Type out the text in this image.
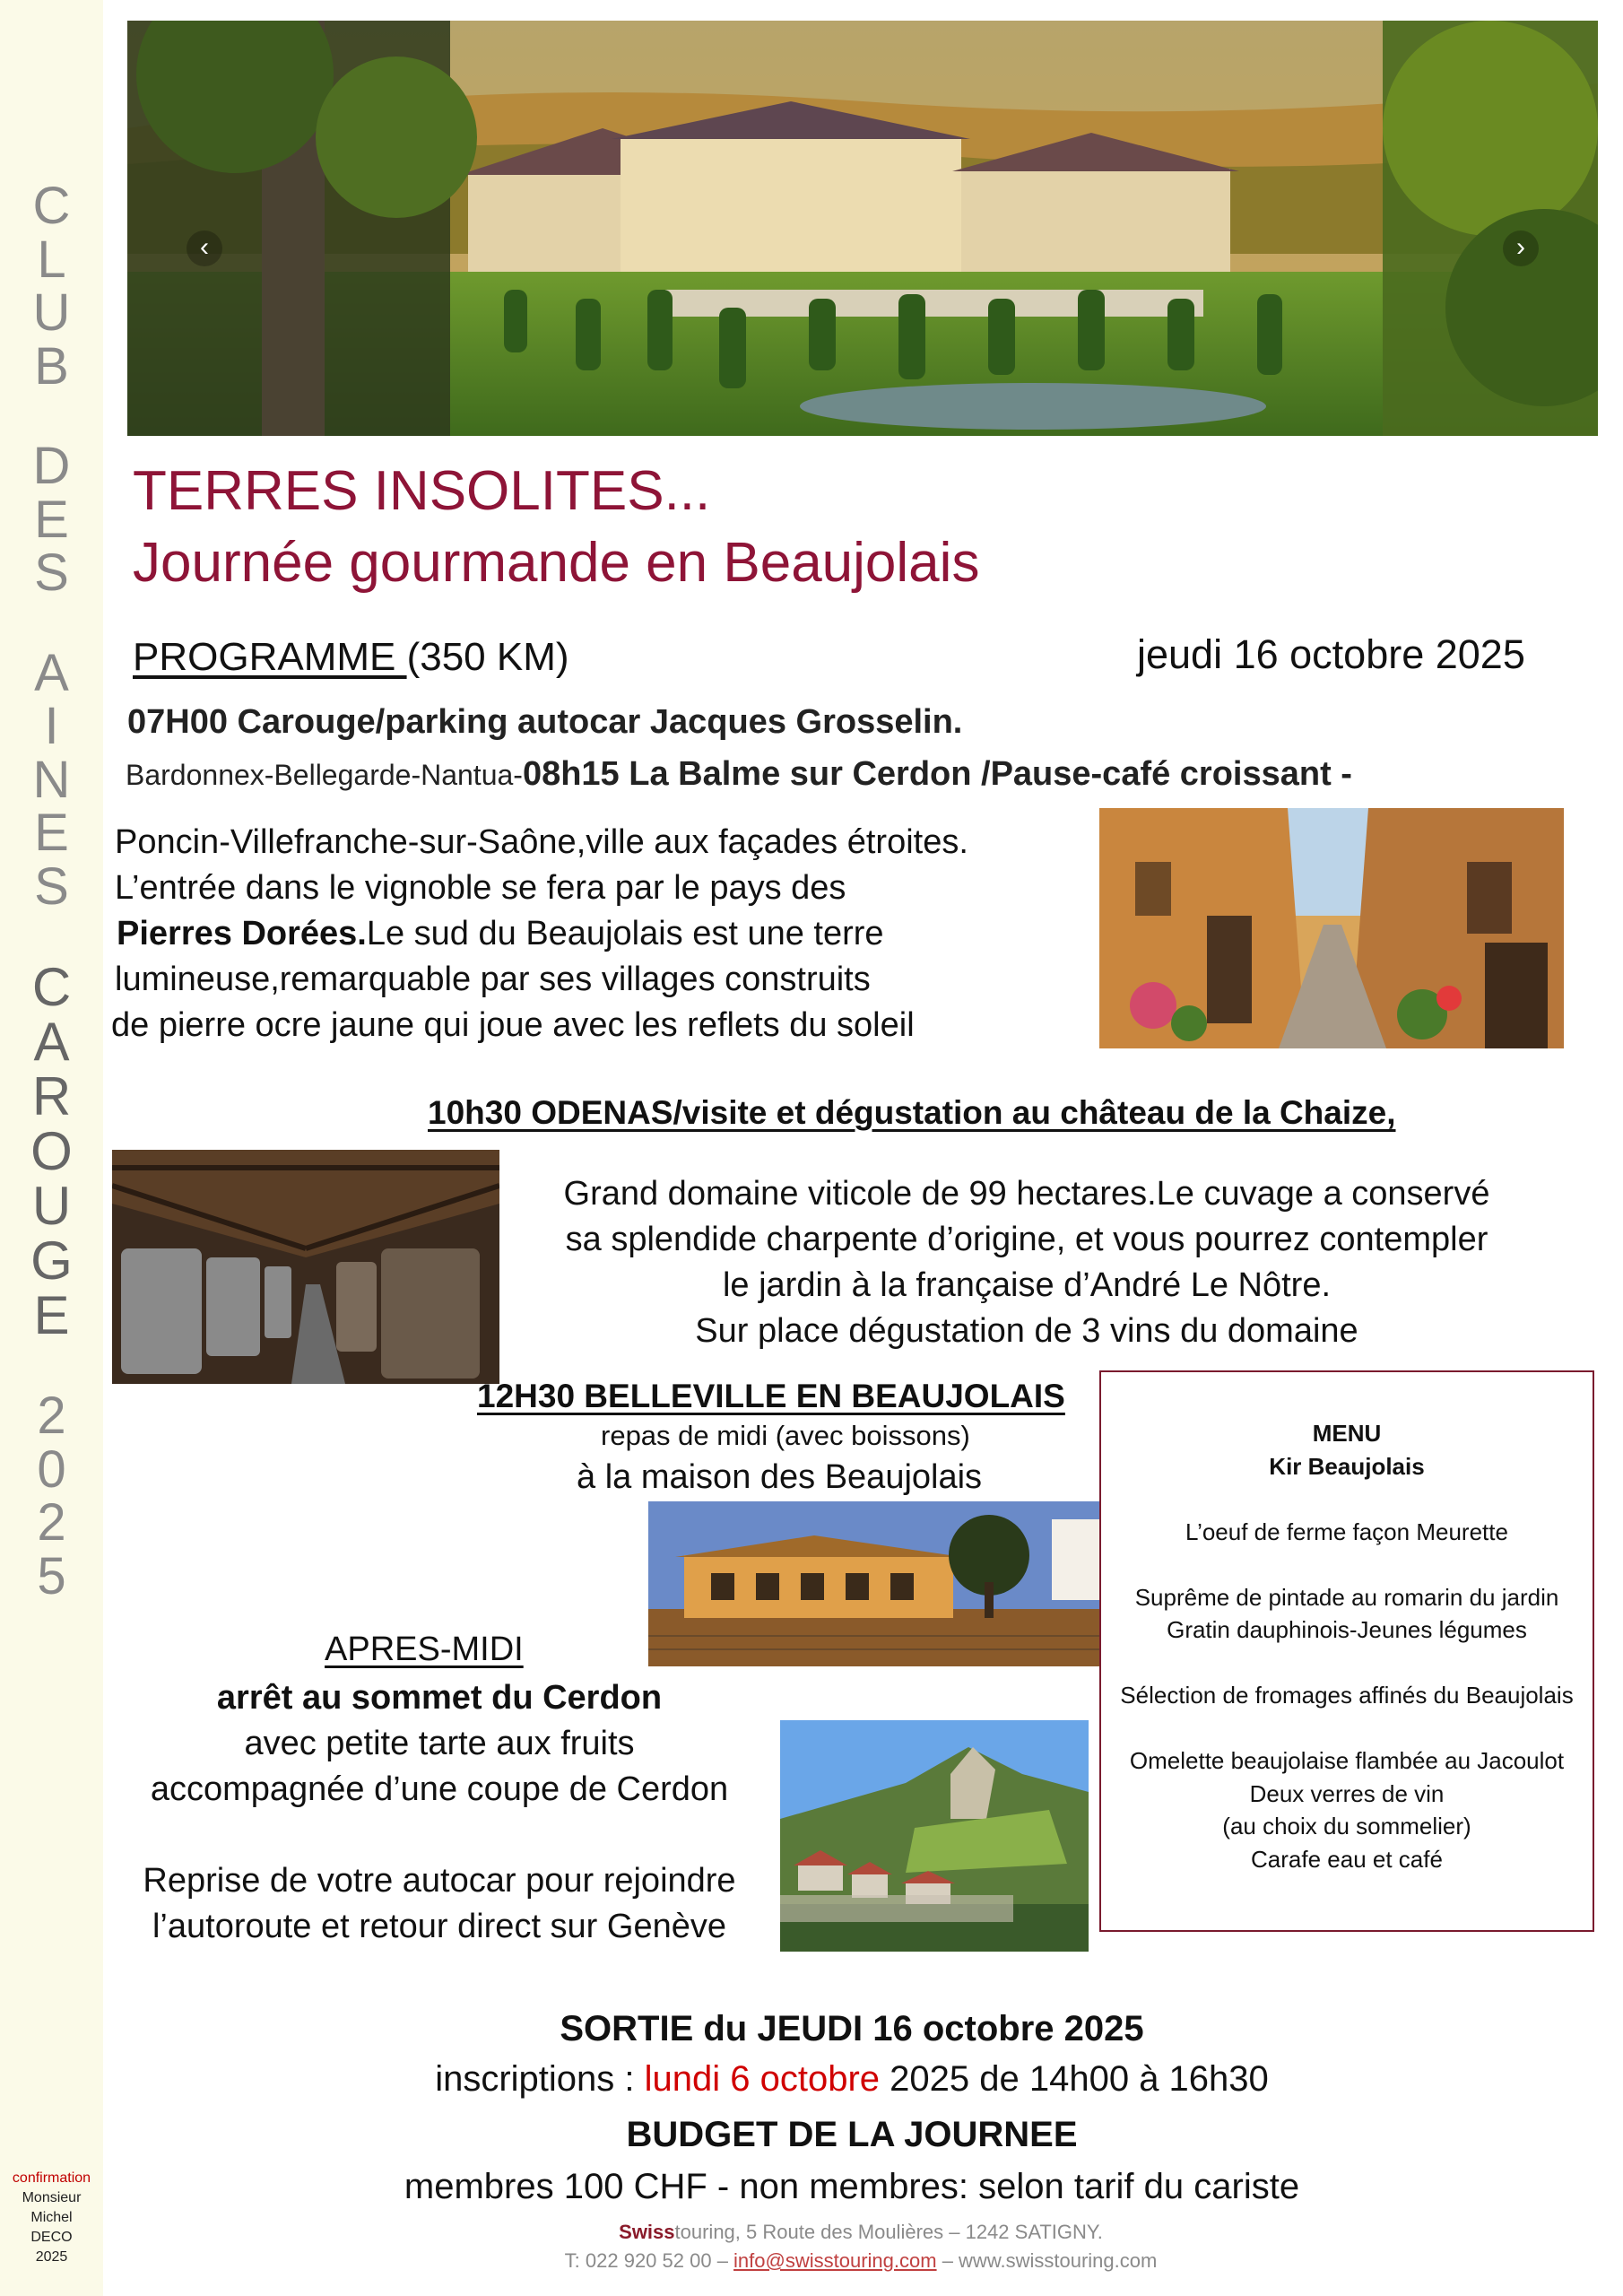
C
L
U
B
D
E
S
A
I
N
E
S
C
A
R
O
U
G
E
2
0
2
5
confirmation
Monsieur
Michel
DECO
2025
‹	›
TERRES INSOLITES...
Journée gourmande en Beaujolais
PROGRAMME (350 KM)	jeudi 16 octobre 2025
07H00 Carouge/parking autocar Jacques Grosselin.
Bardonnex-Bellegarde-Nantua-08h15 La Balme sur Cerdon /Pause-café croissant -
Poncin-Villefranche-sur-Saône,ville aux façades étroites.
L’entrée dans le vignoble se fera par le pays des
Pierres Dorées.Le sud du Beaujolais est une terre
lumineuse,remarquable par ses villages construits
de pierre ocre jaune qui joue avec les reflets du soleil
10h30 ODENAS/visite et dégustation au château de la Chaize,
Grand domaine viticole de 99 hectares.Le cuvage a conservé
sa splendide charpente d’origine, et vous pourrez contempler
le jardin à la française d’André Le Nôtre.
Sur place dégustation de 3 vins du domaine
12H30 BELLEVILLE EN BEAUJOLAIS
repas de midi (avec boissons)
à la maison des Beaujolais
MENU
Kir Beaujolais
L’oeuf de ferme façon Meurette
Suprême de pintade au romarin du jardin
Gratin dauphinois-Jeunes légumes
Sélection de fromages affinés du Beaujolais
Omelette beaujolaise flambée au Jacoulot
Deux verres de vin
(au choix du sommelier)
Carafe eau et café
APRES-MIDI
arrêt au sommet du Cerdon
avec petite tarte aux fruits
accompagnée d’une coupe de Cerdon
Reprise de votre autocar pour rejoindre
l’autoroute et retour direct sur Genève
SORTIE du JEUDI 16 octobre 2025
inscriptions : lundi 6 octobre 2025 de 14h00 à 16h30
BUDGET DE LA JOURNEE
membres 100 CHF - non membres: selon tarif du cariste
Swisstouring, 5 Route des Moulières – 1242 SATIGNY.
T: 022 920 52 00 – info@swisstouring.com – www.swisstouring.com
